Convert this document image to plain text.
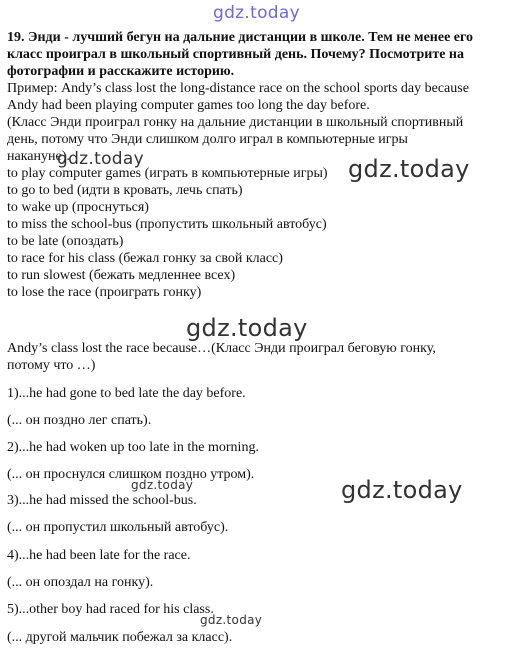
gdz.today
19. Энди - лучший бегун на дальние дистанции в школе. Тем не менее его
класс проиграл в школьный спортивный день. Почему? Посмотрите на
фотографии и расскажите историю.
Пример: Andy’s class lost the long-distance race on the school sports day because
Andy had been playing computer games too long the day before.
(Класс Энди проиграл гонку на дальние дистанции в школьный спортивный
день, потому что Энди слишком долго играл в компьютерные игры
накануне).
gdz.today	gdz.today
to play computer games (играть в компьютерные игры)
to go to bed (идти в кровать, лечь спать)
to wake up (проснуться)
to miss the school-bus (пропустить школьный автобус)
to be late (опоздать)
to race for his class (бежал гонку за свой класс)
to run slowest (бежать медленнее всех)
to lose the race (проиграть гонку)
gdz.today
Andy’s class lost the race because…(Класс Энди проиграл беговую гонку,
потому что …)
1)...he had gone to bed late the day before.
(... он поздно лег спать).
2)...he had woken up too late in the morning.
(... он проснулся слишком поздно утром).
gdz.today
3)...he had missed the school-bus.	gdz.today
(... он пропустил школьный автобус).
4)...he had been late for the race.
(... он опоздал на гонку).
5)...other boy had raced for his class.
gdz.today
(... другой мальчик побежал за класс).
